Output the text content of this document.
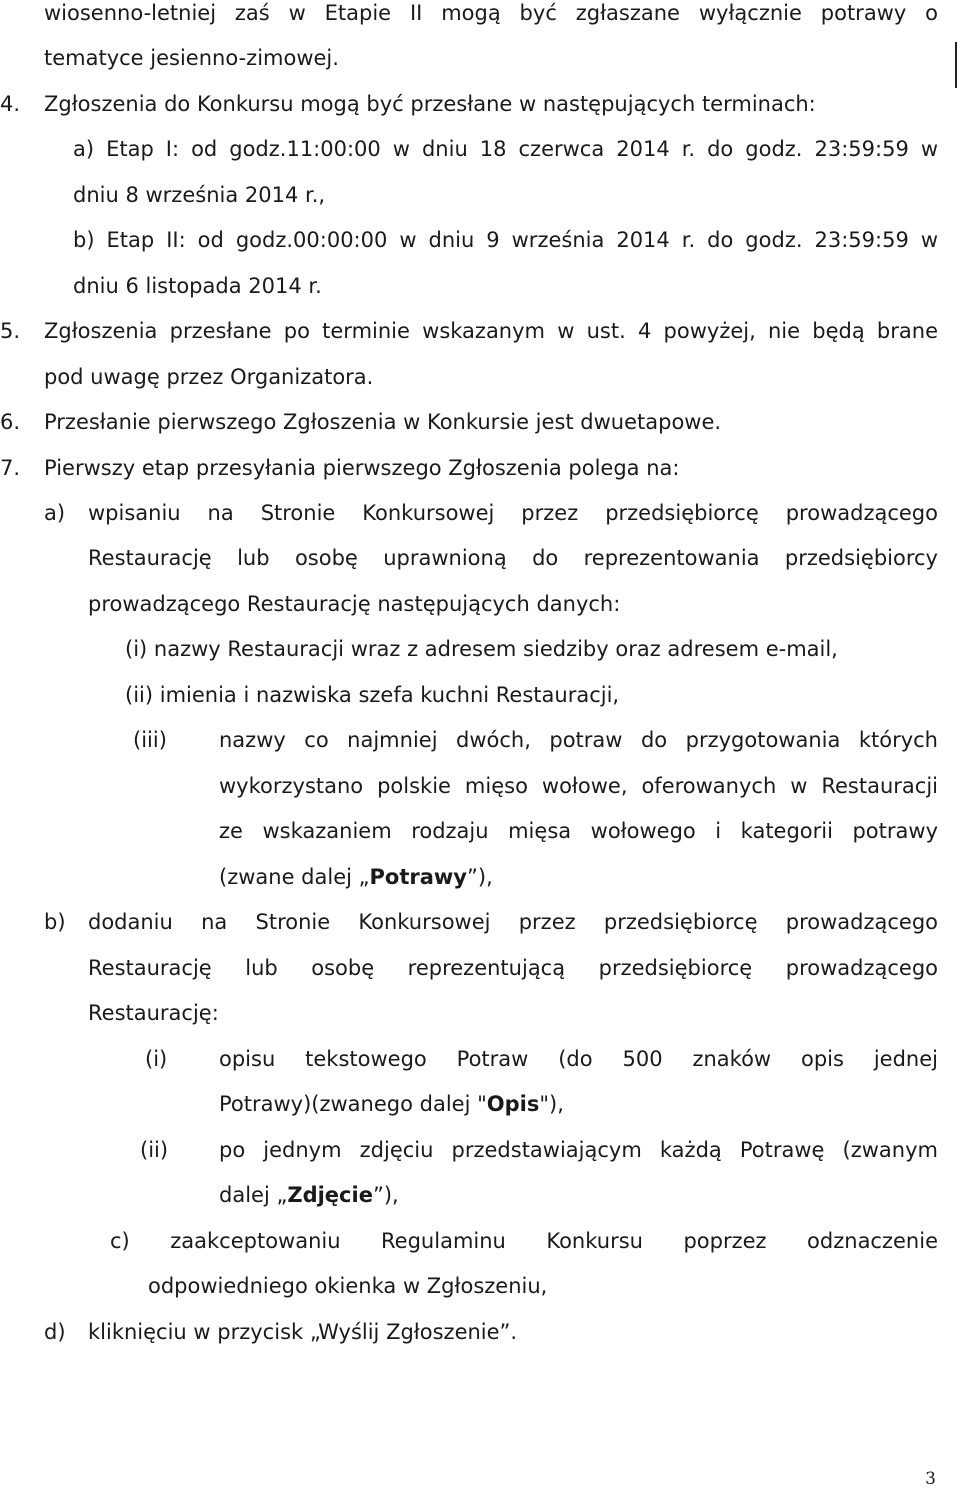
wiosenno-letniej zaś w Etapie II mogą być zgłaszane wyłącznie potrawy o
tematyce jesienno-zimowej.
4. Zgłoszenia do Konkursu mogą być przesłane w następujących terminach:
a) Etap I: od godz.11:00:00 w dniu 18 czerwca 2014 r. do godz. 23:59:59 w
dniu 8 września 2014 r.,
b) Etap II: od godz.00:00:00 w dniu 9 września 2014 r. do godz. 23:59:59 w
dniu 6 listopada 2014 r.
5. Zgłoszenia przesłane po terminie wskazanym w ust. 4 powyżej, nie będą brane
pod uwagę przez Organizatora.
6. Przesłanie pierwszego Zgłoszenia w Konkursie jest dwuetapowe.
7. Pierwszy etap przesyłania pierwszego Zgłoszenia polega na:
a) wpisaniu na Stronie Konkursowej przez przedsiębiorcę prowadzącego
Restaurację lub osobę uprawnioną do reprezentowania przedsiębiorcy
prowadzącego Restaurację następujących danych:
(i) nazwy Restauracji wraz z adresem siedziby oraz adresem e-mail,
(ii) imienia i nazwiska szefa kuchni Restauracji,
(iii) nazwy co najmniej dwóch, potraw do przygotowania których
wykorzystano polskie mięso wołowe, oferowanych w Restauracji
ze wskazaniem rodzaju mięsa wołowego i kategorii potrawy
(zwane dalej „Potrawy”),
b) dodaniu na Stronie Konkursowej przez przedsiębiorcę prowadzącego
Restaurację lub osobę reprezentującą przedsiębiorcę prowadzącego
Restaurację:
(i) opisu tekstowego Potraw (do 500 znaków opis jednej
Potrawy)(zwanego dalej "Opis"),
(ii) po jednym zdjęciu przedstawiającym każdą Potrawę (zwanym
dalej „Zdjęcie”),
c) zaakceptowaniu Regulaminu Konkursu poprzez odznaczenie
odpowiedniego okienka w Zgłoszeniu,
d) kliknięciu w przycisk „Wyślij Zgłoszenie”.
3
